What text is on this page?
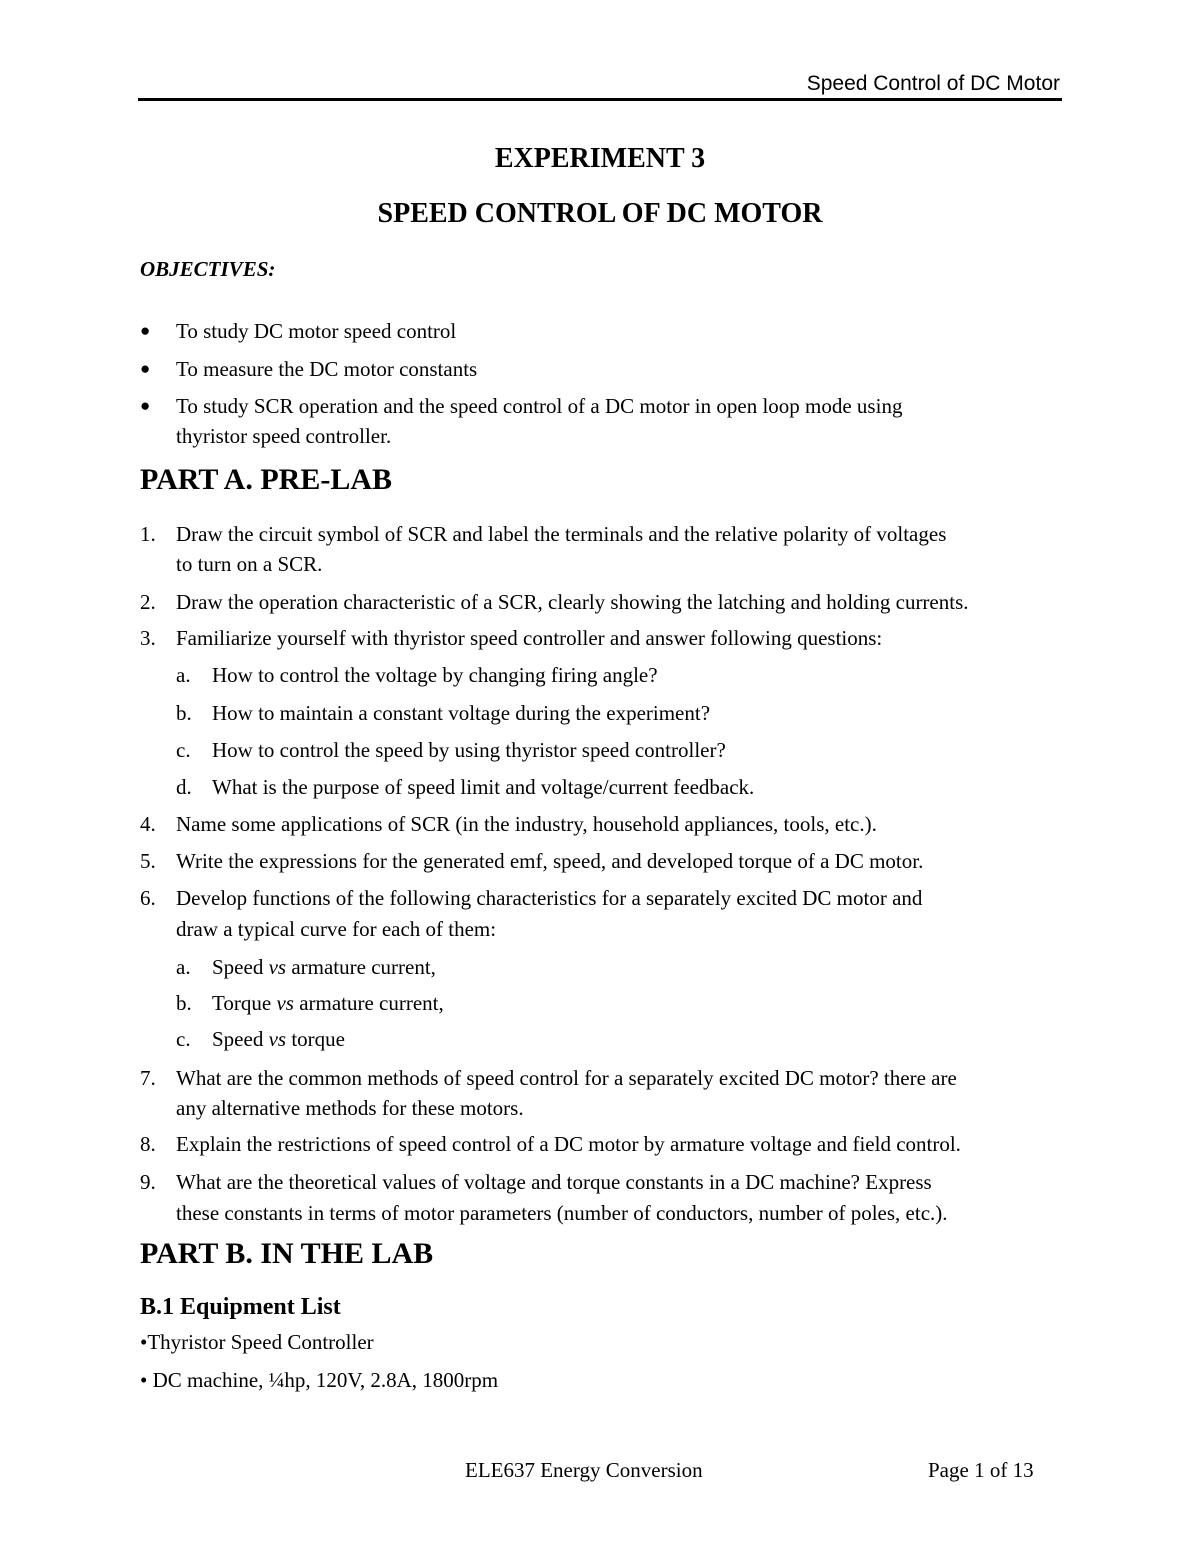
Speed Control of DC Motor
EXPERIMENT 3
SPEED CONTROL OF DC MOTOR
OBJECTIVES:
● To study DC motor speed control
● To measure the DC motor constants
● To study SCR operation and the speed control of a DC motor in open loop mode using
thyristor speed controller.
PART A. PRE-LAB
1. Draw the circuit symbol of SCR and label the terminals and the relative polarity of voltages
to turn on a SCR.
2. Draw the operation characteristic of a SCR, clearly showing the latching and holding currents.
3. Familiarize yourself with thyristor speed controller and answer following questions:
a. How to control the voltage by changing firing angle?
b. How to maintain a constant voltage during the experiment?
c. How to control the speed by using thyristor speed controller?
d. What is the purpose of speed limit and voltage/current feedback.
4. Name some applications of SCR (in the industry, household appliances, tools, etc.).
5. Write the expressions for the generated emf, speed, and developed torque of a DC motor.
6. Develop functions of the following characteristics for a separately excited DC motor and
draw a typical curve for each of them:
a. Speed vs armature current,
b. Torque vs armature current,
c. Speed vs torque
7. What are the common methods of speed control for a separately excited DC motor? there are
any alternative methods for these motors.
8. Explain the restrictions of speed control of a DC motor by armature voltage and field control.
9. What are the theoretical values of voltage and torque constants in a DC machine? Express
these constants in terms of motor parameters (number of conductors, number of poles, etc.).
PART B. IN THE LAB
B.1 Equipment List
•Thyristor Speed Controller
• DC machine, ¼hp, 120V, 2.8A, 1800rpm
ELE637 Energy Conversion	Page 1 of 13
